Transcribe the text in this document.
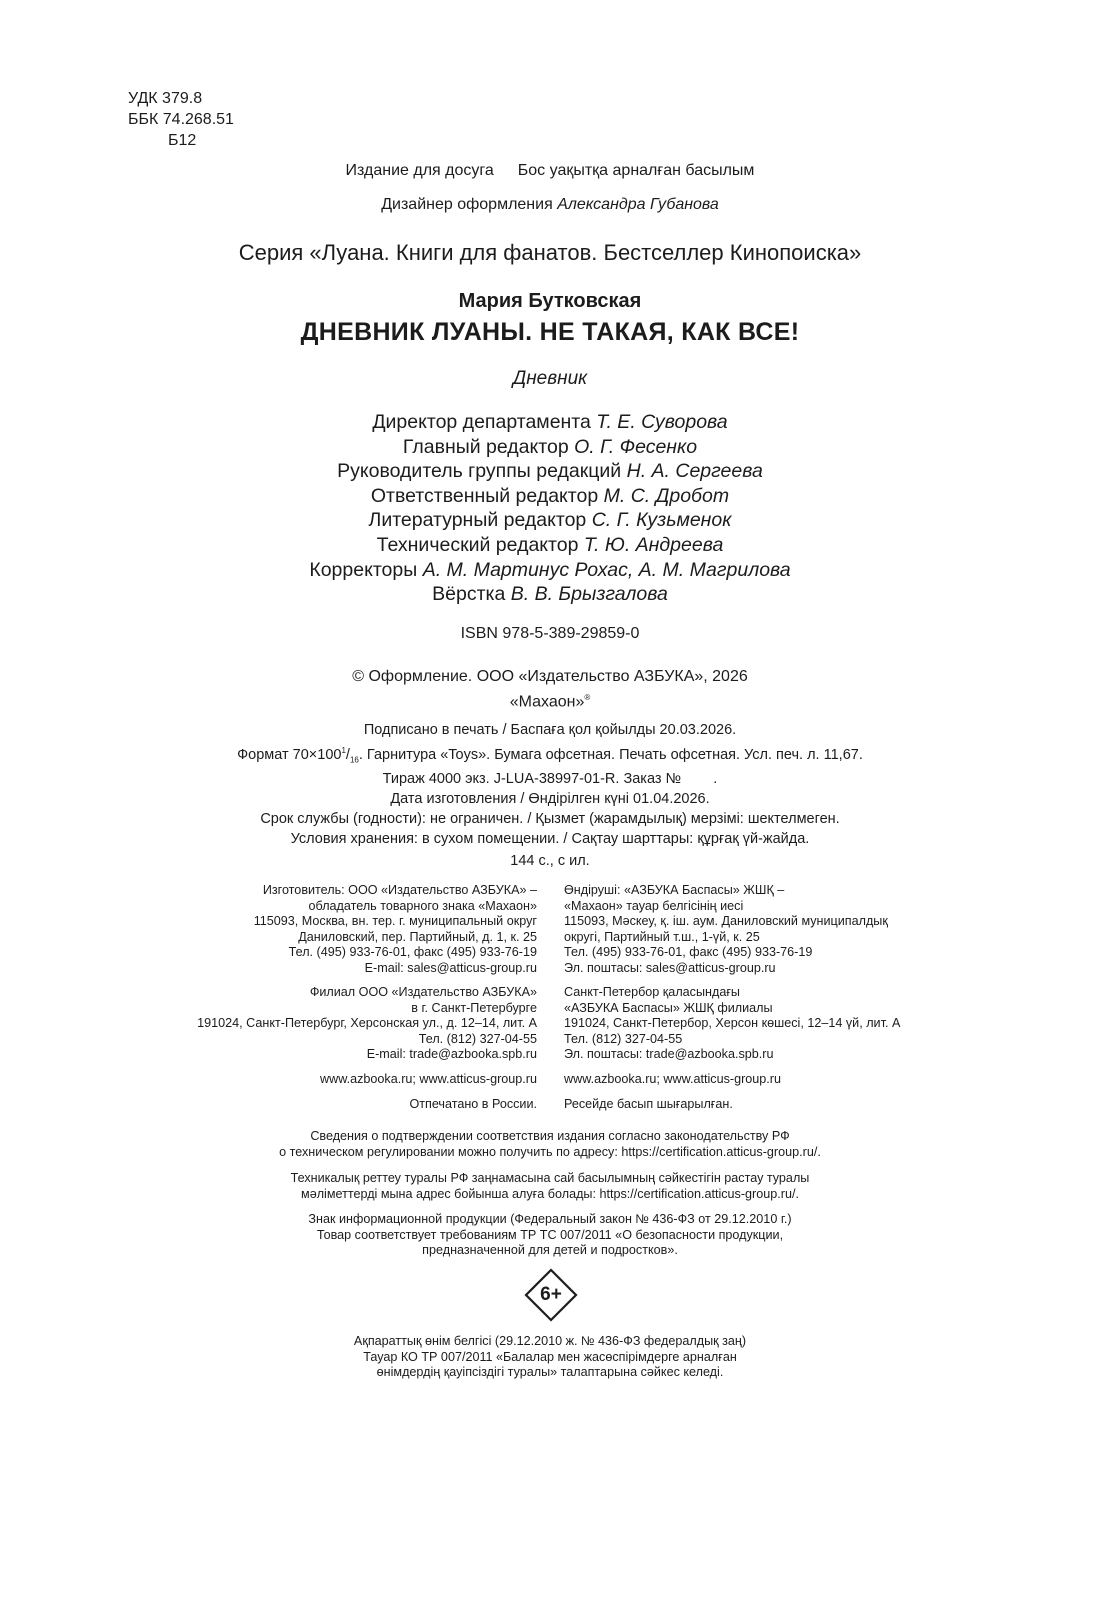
УДК 379.8
ББК 74.268.51
Б12
Издание для досуга Бос уақытқа арналған басылым
Дизайнер оформления Александра Губанова
Серия «Луана. Книги для фанатов. Бестселлер Кинопоиска»
Мария Бутковская
ДНЕВНИК ЛУАНЫ. НЕ ТАКАЯ, КАК ВСЕ!
Дневник
Директор департамента Т. Е. Суворова
Главный редактор О. Г. Фесенко
Руководитель группы редакций Н. А. Сергеева
Ответственный редактор М. С. Дробот
Литературный редактор С. Г. Кузьменок
Технический редактор Т. Ю. Андреева
Корректоры А. М. Мартинус Рохас, А. М. Магрилова
Вёрстка В. В. Брызгалова
ISBN 978-5-389-29859-0
© Оформление. ООО «Издательство АЗБУКА», 2026
«Махаон»®
Подписано в печать / Баспаға қол қойылды 20.03.2026.
Формат $70\times 100^1/_{16}$. Гарнитура «Toys». Бумага офсетная. Печать офсетная. Усл. печ. л. 11,67.
Тираж 4000 экз. J-LUA-38997-01-R. Заказ №        .
Дата изготовления / Өндірілген күні 01.04.2026.
Срок службы (годности): не ограничен. / Қызмет (жарамдылық) мерзімі: шектелмеген.
Условия хранения: в сухом помещении. / Сақтау шарттары: құрғақ үй-жайда.
144 с., с ил.
Изготовитель: ООО «Издательство АЗБУКА» –
обладатель товарного знака «Махаон»
115093, Москва, вн. тер. г. муниципальный округ
Даниловский, пер. Партийный, д. 1, к. 25
Тел. (495) 933-76-01, факс (495) 933-76-19
E-mail: sales@atticus-group.ru
Өндіруші: «АЗБУКА Баспасы» ЖШҚ –
«Махаон» тауар белгісінің иесі
115093, Мәскеу, қ. іш. аум. Даниловский муниципалдық
округі, Партийный т.ш., 1-үй, к. 25
Тел. (495) 933-76-01, факс (495) 933-76-19
Эл. поштасы: sales@atticus-group.ru
Филиал ООО «Издательство АЗБУКА»
в г. Санкт-Петербурге
191024, Санкт-Петербург, Херсонская ул., д. 12–14, лит. А
Тел. (812) 327-04-55
E-mail: trade@azbooka.spb.ru
Санкт-Петербор қаласындағы
«АЗБУКА Баспасы» ЖШҚ филиалы
191024, Санкт-Петербор, Херсон көшесі, 12–14 үй, лит. А
Тел. (812) 327-04-55
Эл. поштасы: trade@azbooka.spb.ru
www.azbooka.ru; www.atticus-group.ru www.azbooka.ru; www.atticus-group.ru
Отпечатано в России. Ресейде басып шығарылған.
Сведения о подтверждении соответствия издания согласно законодательству РФ
о техническом регулировании можно получить по адресу: https://certification.atticus-group.ru/.
Техникалық реттеу туралы РФ заңнамасына сай басылымның сәйкестігін растау туралы
мәліметтерді мына адрес бойынша алуға болады: https://certification.atticus-group.ru/.
Знак информационной продукции (Федеральный закон № 436-ФЗ от 29.12.2010 г.)
Товар соответствует требованиям ТР ТС 007/2011 «О безопасности продукции,
предназначенной для детей и подростков».
6+
Ақпараттық өнім белгісі (29.12.2010 ж. № 436-ФЗ федералдық заң)
Тауар КО ТР 007/2011 «Балалар мен жасөспірімдерге арналған
өнімдердің қауіпсіздігі туралы» талаптарына сәйкес келеді.
